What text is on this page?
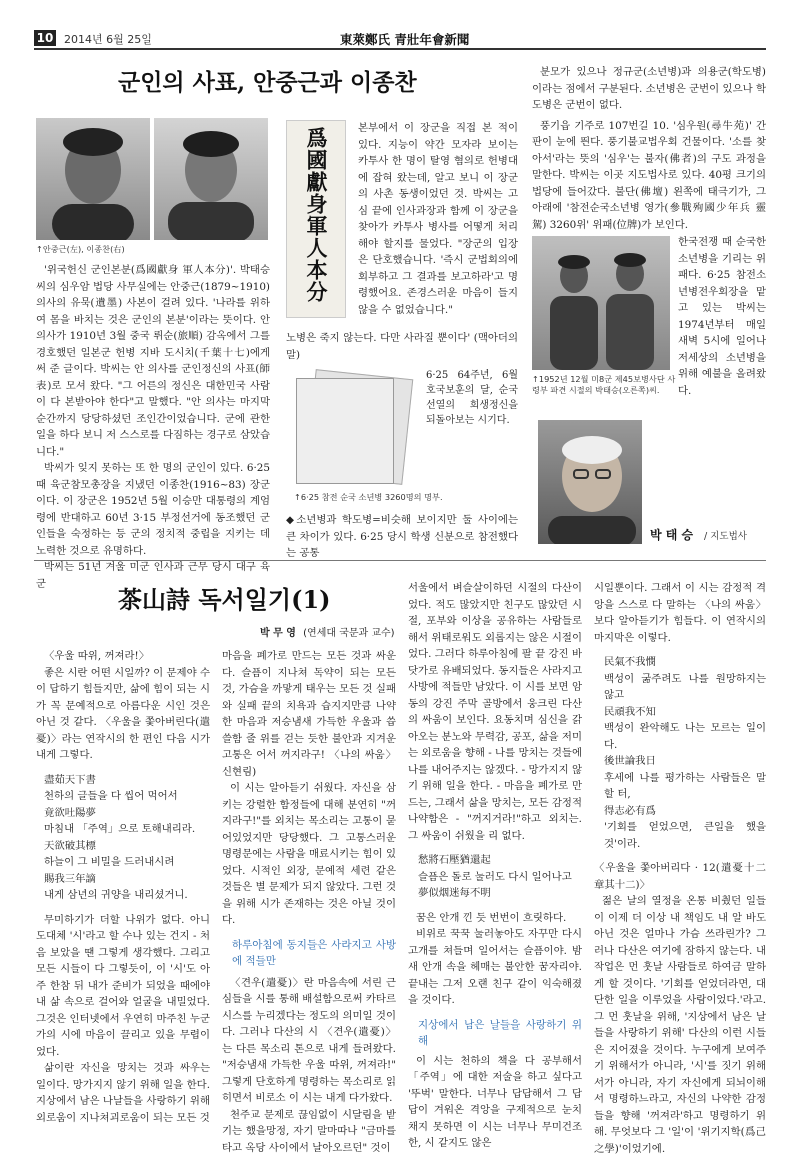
10 2014년 6월 25일	東萊鄭氏 青壯年會新聞
군인의 사표, 안중근과 이종찬
↑안중근(左), 이종찬(右)

'위국헌신 군인본분(爲國獻身 軍人本分)'. 박태승씨의 심우암 법당 사무실에는 안중근(1879~1910) 의사의 유묵(遺墨) 사본이 걸려 있다. '나라를 위하여 몸을 바치는 것은 군인의 본분'이라는 뜻이다. 안 의사가 1910년 3월 중국 뤼순(旅順) 감옥에서 그를 경호했던 일본군 헌병 지바 도시치(千葉十七)에게 써 준 글이다. 박씨는 안 의사를 군인정신의 사표(師表)로 모셔 왔다. "그 어른의 정신은 대한민국 사람이 다 본받아야 한다"고 말했다. "안 의사는 마지막 순간까지 당당하셨던 조인간이었습니다. 군에 관한 일을 하다 보니 저 스스로를 다짐하는 경구로 삼았습니다."

박씨가 잊지 못하는 또 한 명의 군인이 있다. 6·25 때 육군참모총장을 지냈던 이종찬(1916~83) 장군이다. 이 장군은 1952년 5월 이승만 대통령의 계엄령에 반대하고 60년 3·15 부정선거에 동조했던 군인들을 숙정하는 등 군의 정치적 중립을 지키는 데 노력한 것으로 유명하다.

박씨는 51년 겨울 미군 인사과 근무 당시 대구 육군

爲國獻身軍人本分	본부에서 이 장군을 직접 본 적이 있다. 지능이 약간 모자라 보이는 카투사 한 명이 탈영 혐의로 헌병대에 잡혀 왔는데, 알고 보니 이 장군의 사촌 동생이었던 것. 박씨는 고심 끝에 인사과장과 함께 이 장군을 찾아가 카투사 병사를 어떻게 처리해야 할지를 물었다. "장군의 입장은 단호했습니다. '즉시 군법회의에 회부하고 그 결과를 보고하라'고 명령했어요. 존경스러운 마음이 들지 않을 수 없었습니다."

노병은 죽지 않는다. 다만 사라질 뿐이다' (맥아더의 말)
6·25 64주년, 6월 호국보훈의 달, 순국선열의 희생정신을 되돌아보는 시기다.
↑6·25 참전 순국 소년병 3260명의 명부.
◆소년병과 학도병=비슷해 보이지만 둘 사이에는 큰 차이가 있다. 6·25 당시 학생 신분으로 참전했다는 공통

분모가 있으나 정규군(소년병)과 의용군(학도병)이라는 점에서 구분된다. 소년병은 군번이 있으나 학도병은 군번이 없다.

풍기읍 기주로 107번길 10. '심우원(尋牛苑)' 간판이 눈에 띈다. 풍기불교법우회 건물이다. '소를 찾아서'라는 뜻의 '심우'는 불자(佛者)의 구도 과정을 말한다. 박씨는 이곳 지도법사로 있다. 40평 크기의 법당에 들어갔다. 불단(佛壇) 왼쪽에 태극기가, 그 아래에 '참전순국소년병 영가(參戰殉國少年兵 靈駕) 3260위' 위패(位牌)가 보인다.

한국전쟁 때 순국한 소년병을 기리는 위패다. 6·25 참전소년병전우회장을 맡고 있는 박씨는 1974년부터 매일 새벽 5시에 일어나 저세상의 소년병을 위해 예불을 올려왔다.
↑1952년 12월 미8군 제45보병사단 사령부 파견 시절의 박태승(오른쪽)씨.
박 태 승 / 지도법사
茶山詩 독서일기(1)
박 무 영 (연세대 국문과 교수)

〈우울 따위, 꺼져라!〉

좋은 시란 어떤 시일까? 이 문제야 수 이 답하기 힘들지만, 삶에 힘이 되는 시가 꼭 문예적으로 아름다운 시인 것은 아닌 것 같다. 〈우울을 쫓아버린다(遣憂)〉라는 연작시의 한 편인 다음 시가 내게 그렇다.

盡茹天下書
천하의 글들을 다 씹어 먹어서
竟欲吐陽夢
마침내 「주역」으로 토해내리라.
天欲破其標
하늘이 그 비밀을 드러내시려
賜我三年謫
내게 삼년의 귀양을 내리셨거니.

무미하기가 더할 나위가 없다. 아니 도대체 '시'라고 할 수나 있는 건지 - 처음 보았을 땐 그렇게 생각했다. 그리고 모든 시들이 다 그렇듯이, 이 '시'도 아주 한참 뒤 내가 준비가 되었을 때에야 내 삶 속으로 걸어와 얼굴을 내밀었다. 그것은 인터넷에서 우연히 마주친 누군가의 시에 마음이 끌리고 있을 무렵이었다.

삶이란 자신을 망치는 것과 싸우는 일이다. 망가지지 않기 위해 일을 한다. 지상에서 남은 나날들을 사랑하기 위해 외로움이 지나쳐괴로움이 되는 모든 것

마음을 폐가로 만드는 모든 것과 싸운다. 슬픔이 지나쳐 독약이 되는 모든 것, 가슴을 까맣게 태우는 모든 것 실패와 실패 끝의 치욕과 습지지만큼 나약한 마음과 저승냄새 가득한 우울과 씁쓸함 줄 위를 걷는 듯한 불안과 지겨운 고통은 어서 꺼지라구! 〈나의 싸움〉 신현림)

이 시는 알아듣기 쉬웠다. 자신을 삼키는 강렬한 함정들에 대해 분연히 "꺼지라구!"를 외치는 목소리는 고통이 묻어있었지만 당당했다. 그 고통스러운 명령문에는 사람을 매료시키는 힘이 있었다. 시적인 외장, 문예적 세련 같은 것들은 별 문제가 되지 않았다. 그런 것을 위해 시가 존재하는 것은 아닐 것이다.

하루아침에 동지들은 사라지고 사방에 적들만

〈견우(遣憂)〉란 마음속에 서린 근심들을 시를 통해 배설함으로써 카타르시스를 누리겠다는 정도의 의미일 것이다. 그러나 다산의 시 〈견우(遣憂)〉는 다른 목소리 톤으로 내게 들려왔다. "저승냄새 가득한 우울 따위, 꺼져라!" 그렇게 단호하게 명령하는 목소리로 읽히면서 비로소 이 시는 내게 다가왔다.

천주교 문제로 끊임없이 시달림을 받기는 했을망정, 자기 말마따나 "금마를 타고 옥당 사이에서 날아오르던" 것이

서울에서 벼슬살이하던 시절의 다산이었다. 적도 많았지만 친구도 많았던 시절, 포부와 이상을 공유하는 사람들로 해서 위태로워도 외롭지는 않은 시절이었다. 그러다 하루아침에 팔 끝 강진 바닷가로 유배되었다. 동지들은 사라지고 사방에 적들만 남았다. 이 시를 보면 암동의 강진 주막 골방에서 웅크린 다산의 싸움이 보인다. 요동치며 심신을 갉아오는 분노와 무력감, 공포, 삶을 저미는 외로움을 향해 - 나를 망치는 것들에 나를 내어주지는 않겠다. - 망가지지 않기 위해 일을 한다. - 마음을 폐가로 만드는, 그래서 삶을 망치는, 모든 감정적 나약함은 - "꺼지거라!"하고 외치는. 그 싸움이 쉬웠을 리 없다.

愁將石壓猶還起
슬픔은 돌로 눌러도 다시 일어나고
夢似烟迷每不明

꿈은 안개 낀 듯 번번이 흐릿하다.

비위로 꾹꾹 눌러놓아도 자꾸만 다시 고개를 쳐들며 일어서는 슬픔이야. 밤새 안개 속을 헤매는 불안한 꿈자리야. 끝내는 그저 오랜 친구 같이 익숙해졌을 것이다.

지상에서 남은 날들을 사랑하기 위해

이 시는 천하의 책을 다 공부해서 「주역」에 대한 저술을 하고 싶다고 '뚜벅' 말한다. 너무나 답답해서 그 답답이 겨워온 격앙을 구제적으로 눈치 채지 못하면 이 시는 너무나 무미건조한, 시 같지도 않은

시일뿐이다. 그래서 이 시는 감정적 격앙을 스스로 다 말하는 〈나의 싸움〉 보다 알아듣기가 힘들다. 이 연작시의 마지막은 이렇다.

民氣不我憫
백성이 굶주려도 나를 원망하지는 않고
民頑我不知
백성이 완악해도 나는 모르는 일이다.
後世論我日
후세에 나를 평가하는 사람들은 말할 터,
得志必有爲
'기회를 얻었으면, 큰일을 했을 것'이라.

〈우울을 쫓아버리다 · 12(遣憂十二章其十二)〉

젊은 날의 열정을 온통 비췄던 일들이 이제 더 이상 내 책임도 내 알 바도 아닌 것은 얼마나 가슴 쓰라린가? 그러나 다산은 여기에 잠하지 않는다. 내 작업은 먼 훗날 사람들로 하여금 말하게 할 것이다. '기회를 얻었더라면, 대단한 일을 이루었을 사람이었다.'라고. 그 먼 훗날을 위해, '지상에서 남은 날들을 사랑하기 위해' 다산의 이런 시들은 지어졌을 것이다. 누구에게 보여주기 위해서가 아니라, '시'를 짓기 위해서가 아니라, 자기 자신에게 되뇌이해서 명령하느라고, 자신의 나약한 감정들을 향해 '꺼져라'하고 명령하기 위해. 무엇보다 그 '일'이 '위기지학(爲己之學)'이었기에.
